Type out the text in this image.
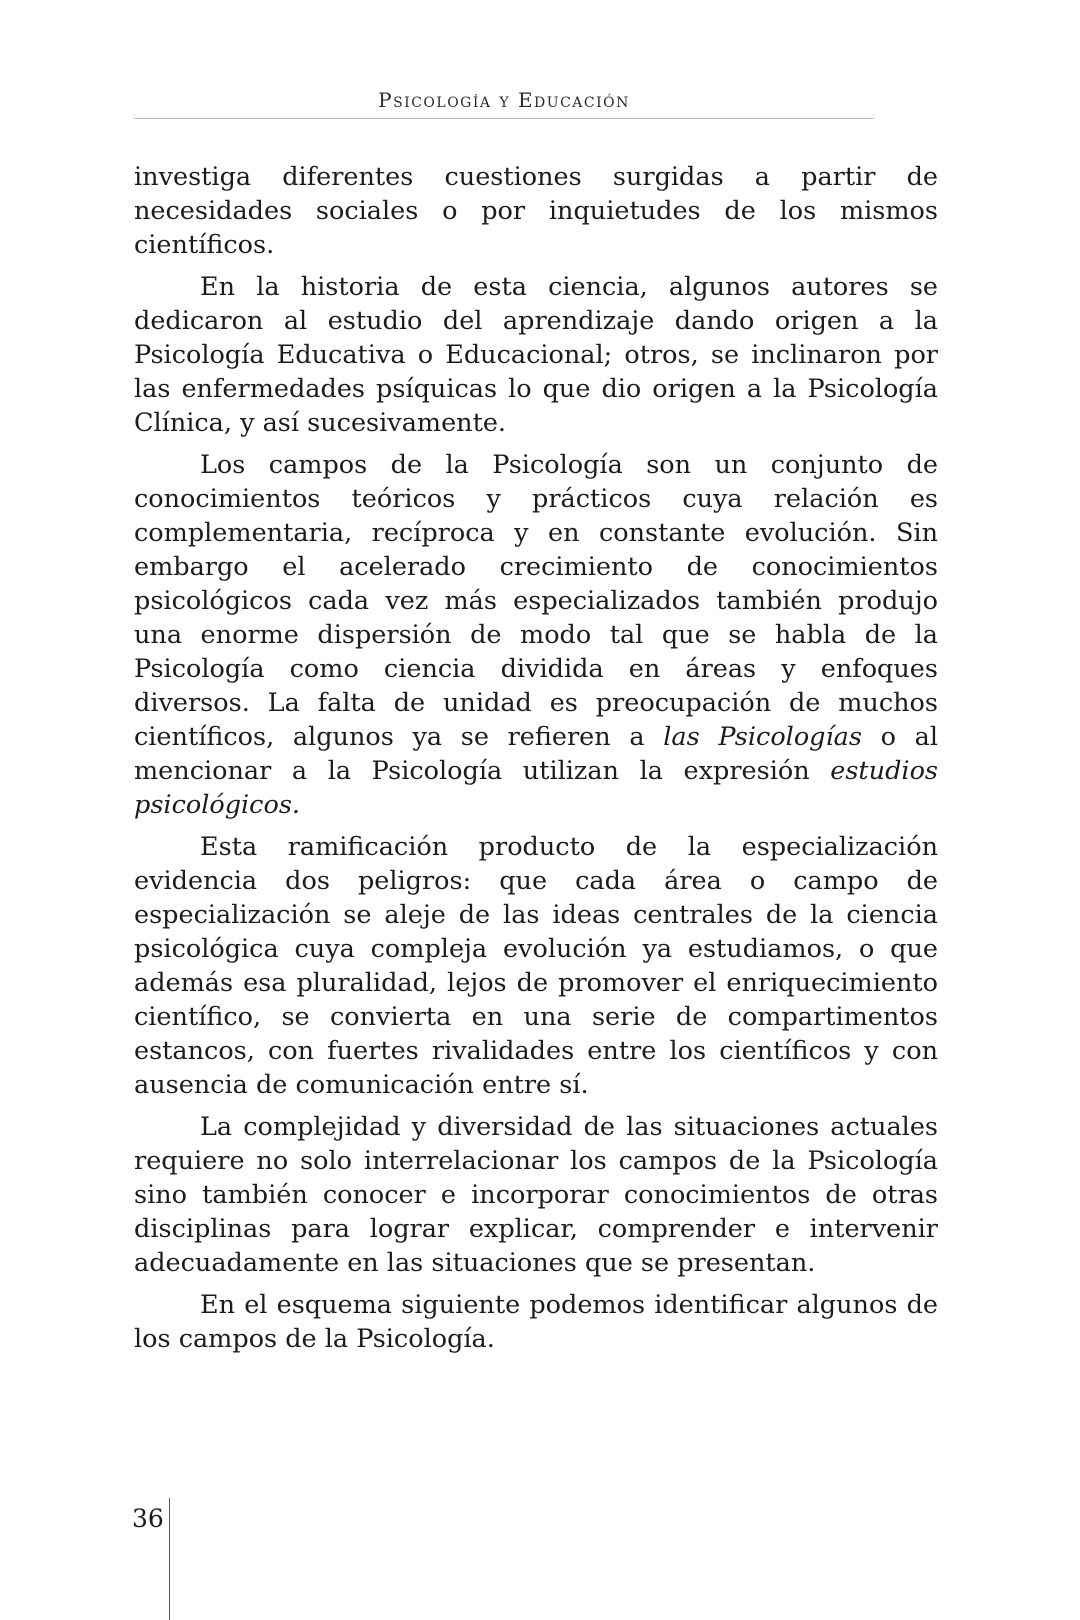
Psicología y Educación

investiga diferentes cuestiones surgidas a partir de necesidades sociales o por inquietudes de los mismos científicos.

En la historia de esta ciencia, algunos autores se dedicaron al estudio del aprendizaje dando origen a la Psicología Educativa o Educacional; otros, se inclinaron por las enfermedades psíquicas lo que dio origen a la Psicología Clínica, y así sucesivamente.

Los campos de la Psicología son un conjunto de conocimientos teóricos y prácticos cuya relación es complementaria, recíproca y en constante evolución. Sin embargo el acelerado crecimiento de conocimientos psicológicos cada vez más especializados también produjo una enorme dispersión de modo tal que se habla de la Psicología como ciencia dividida en áreas y enfoques diversos. La falta de unidad es preocupación de muchos científicos, algunos ya se refieren a las Psicologías o al mencionar a la Psicología utilizan la expresión estudios psicológicos.

Esta ramificación producto de la especialización evidencia dos peligros: que cada área o campo de especialización se aleje de las ideas centrales de la ciencia psicológica cuya compleja evolución ya estudiamos, o que además esa pluralidad, lejos de promover el enriquecimiento científico, se convierta en una serie de compartimentos estancos, con fuertes rivalidades entre los científicos y con ausencia de comunicación entre sí.

La complejidad y diversidad de las situaciones actuales requiere no solo interrelacionar los campos de la Psicología sino también conocer e incorporar conocimientos de otras disciplinas para lograr explicar, comprender e intervenir adecuadamente en las situaciones que se presentan.

En el esquema siguiente podemos identificar algunos de los campos de la Psicología.

36
